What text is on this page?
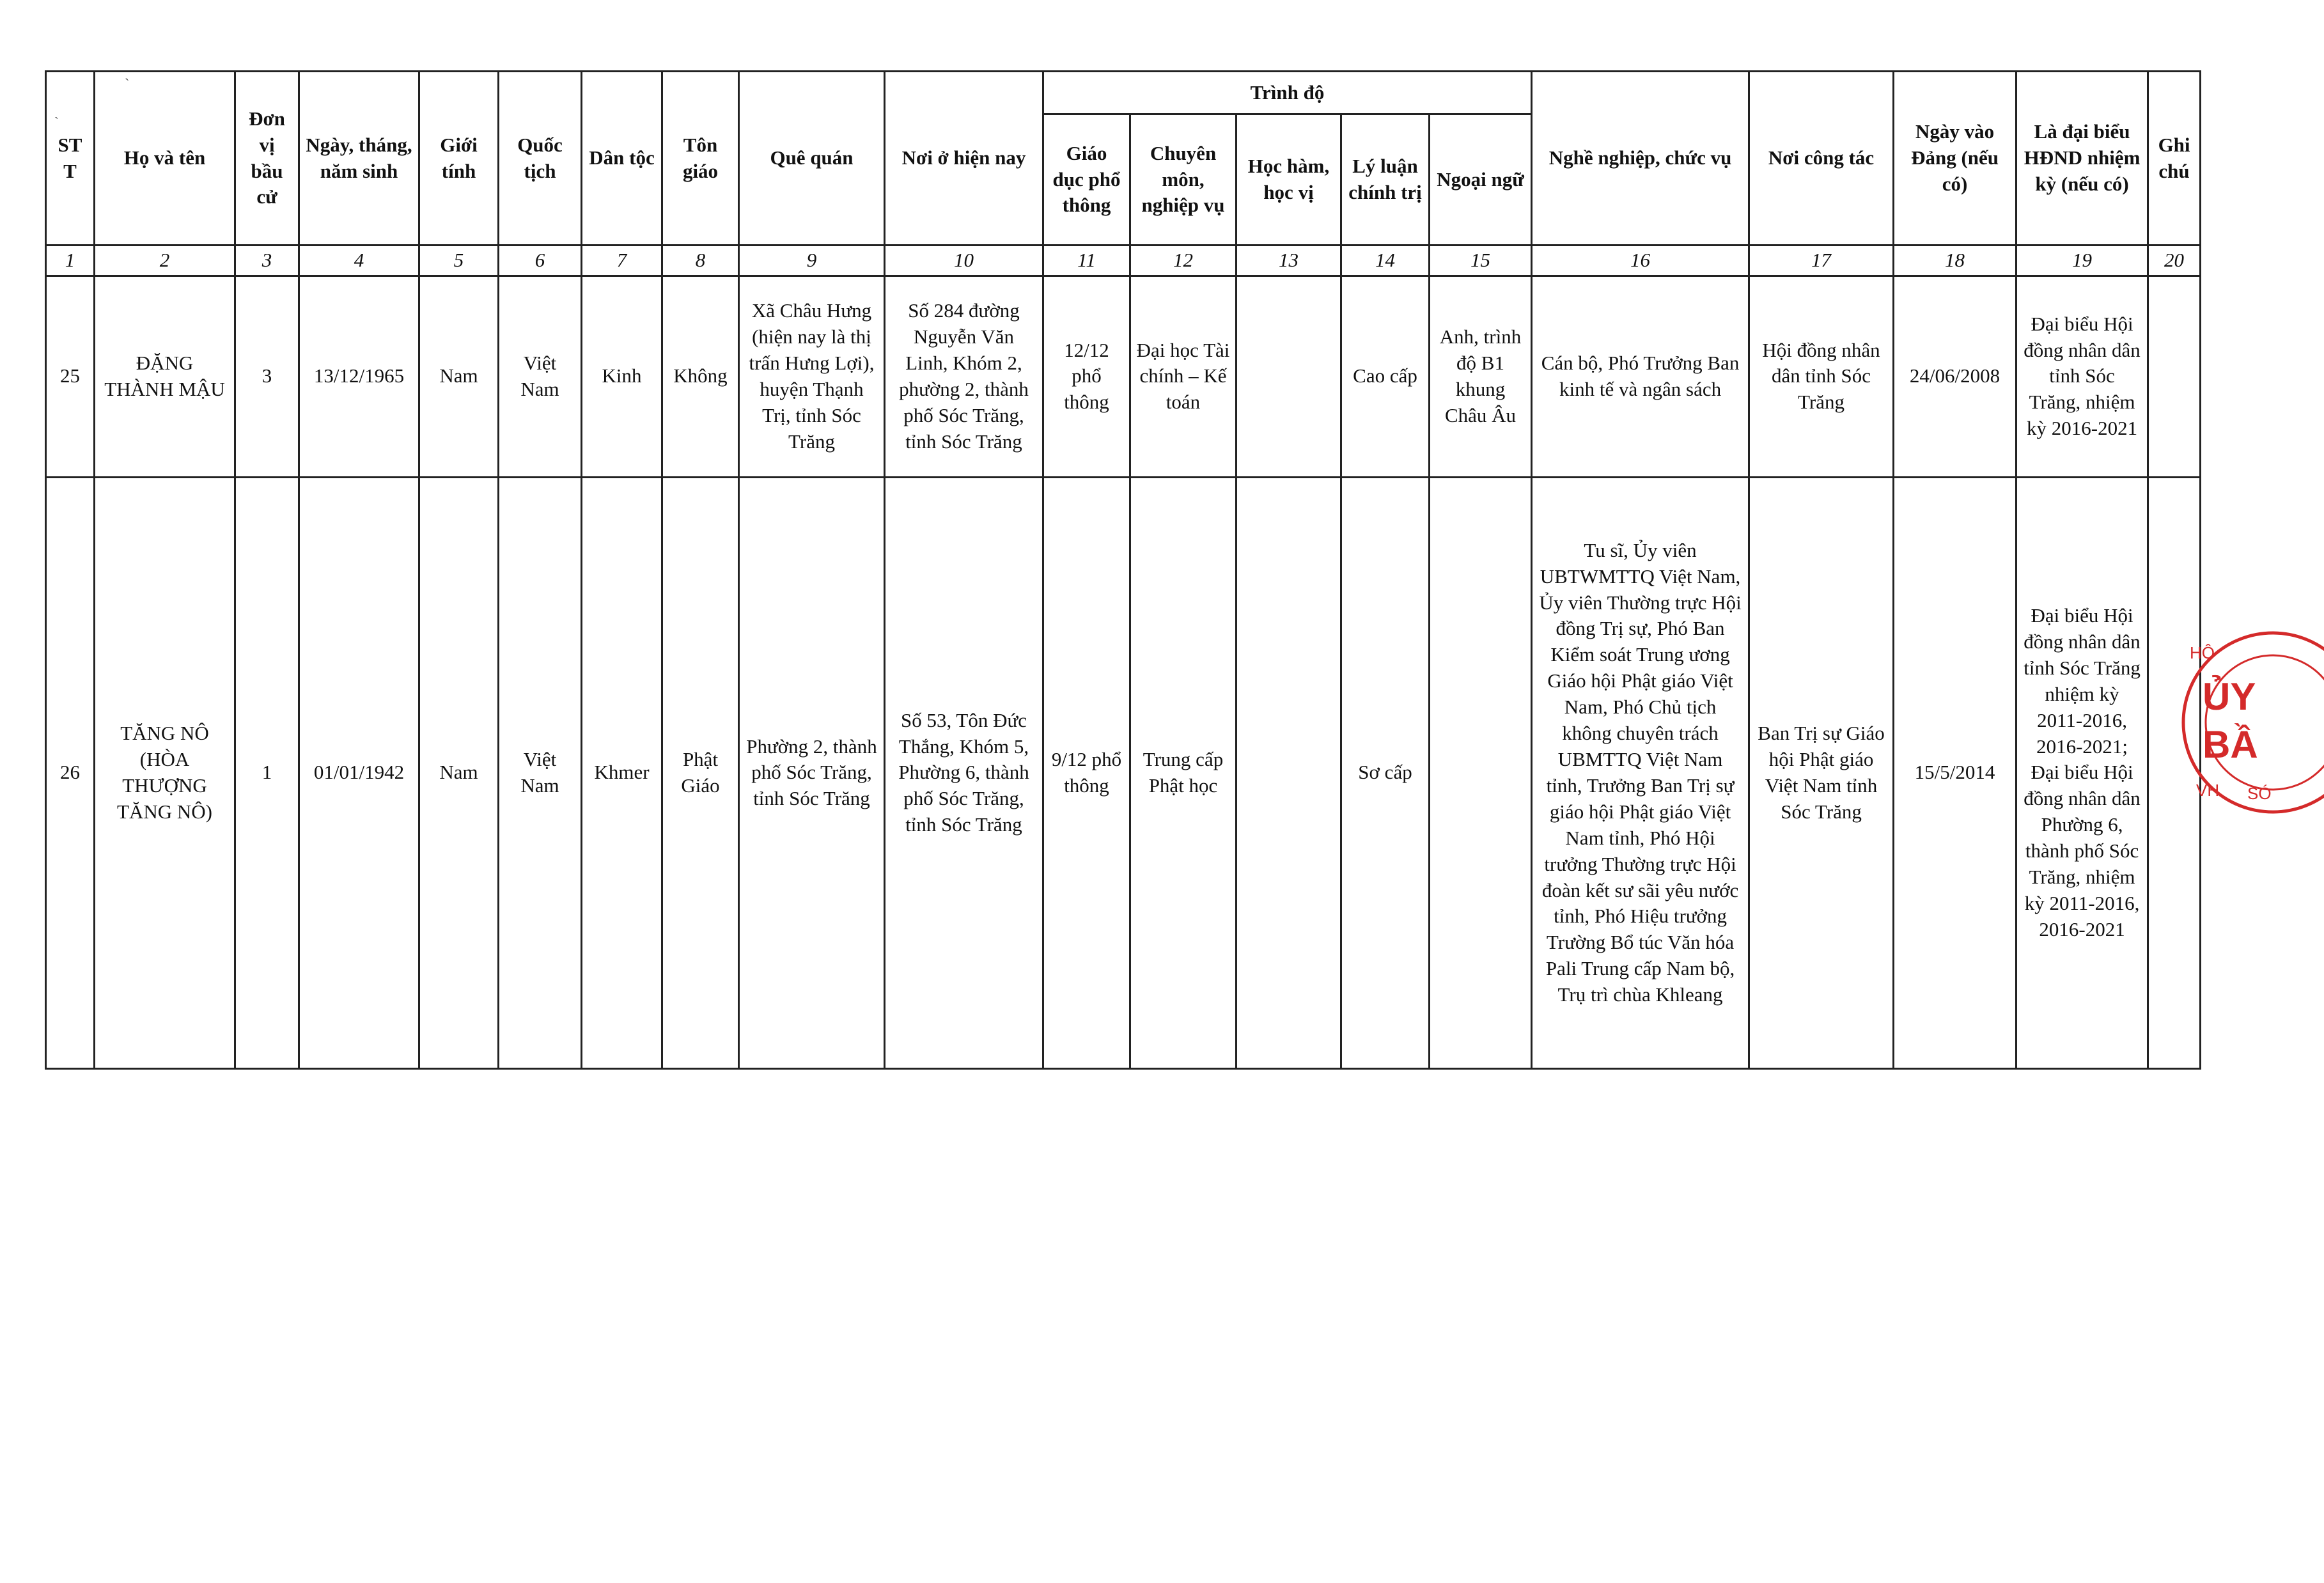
ˋ
ˋ
STT	Họ và tên	Đơn vị bầu cử	Ngày, tháng, năm sinh	Giới tính	Quốc tịch	Dân tộc	Tôn giáo	Quê quán	Nơi ở hiện nay	Trình độ					Nghề nghiệp, chức vụ	Nơi công tác	Ngày vào Đảng (nếu có)	Là đại biểu HĐND nhiệm kỳ (nếu có)	Ghi chú
										Giáo dục phổ thông	Chuyên môn, nghiệp vụ	Học hàm, học vị	Lý luận chính trị	Ngoại ngữ					
1	2	3	4	5	6	7	8	9	10	11	12	13	14	15	16	17	18	19	20
25	ĐẶNG THÀNH MẬU	3	13/12/1965	Nam	Việt Nam	Kinh	Không	Xã Châu Hưng (hiện nay là thị trấn Hưng Lợi), huyện Thạnh Trị, tỉnh Sóc Trăng	Số 284 đường Nguyễn Văn Linh, Khóm 2, phường 2, thành phố Sóc Trăng, tỉnh Sóc Trăng	12/12 phổ thông	Đại học Tài chính – Kế toán		Cao cấp	Anh, trình độ B1 khung Châu Âu	Cán bộ, Phó Trưởng Ban kinh tế và ngân sách	Hội đồng nhân dân tỉnh Sóc Trăng	24/06/2008	Đại biểu Hội đồng nhân dân tỉnh Sóc Trăng, nhiệm kỳ 2016-2021	
26	TĂNG NÔ (HÒA THƯỢNG TĂNG NÔ)	1	01/01/1942	Nam	Việt Nam	Khmer	Phật Giáo	Phường 2, thành phố Sóc Trăng, tỉnh Sóc Trăng	Số 53, Tôn Đức Thắng, Khóm 5, Phường 6, thành phố Sóc Trăng, tỉnh Sóc Trăng	9/12 phổ thông	Trung cấp Phật học		Sơ cấp		Tu sĩ, Ủy viên UBTWMTTQ Việt Nam, Ủy viên Thường trực Hội đồng Trị sự, Phó Ban Kiểm soát Trung ương Giáo hội Phật giáo Việt Nam, Phó Chủ tịch không chuyên trách UBMTTQ Việt Nam tỉnh, Trưởng Ban Trị sự giáo hội Phật giáo Việt Nam tỉnh, Phó Hội trưởng Thường trực Hội đoàn kết sư sãi yêu nước tỉnh, Phó Hiệu trưởng Trường Bổ túc Văn hóa Pali Trung cấp Nam bộ, Trụ trì chùa Khleang	Ban Trị sự Giáo hội Phật giáo Việt Nam tỉnh Sóc Trăng	15/5/2014	Đại biểu Hội đồng nhân dân tỉnh Sóc Trăng nhiệm kỳ 2011-2016, 2016-2021; Đại biểu Hội đồng nhân dân Phường 6, thành phố Sóc Trăng, nhiệm kỳ 2011-2016, 2016-2021	
HỘ
ỦY
BẦ
VH SÓ
